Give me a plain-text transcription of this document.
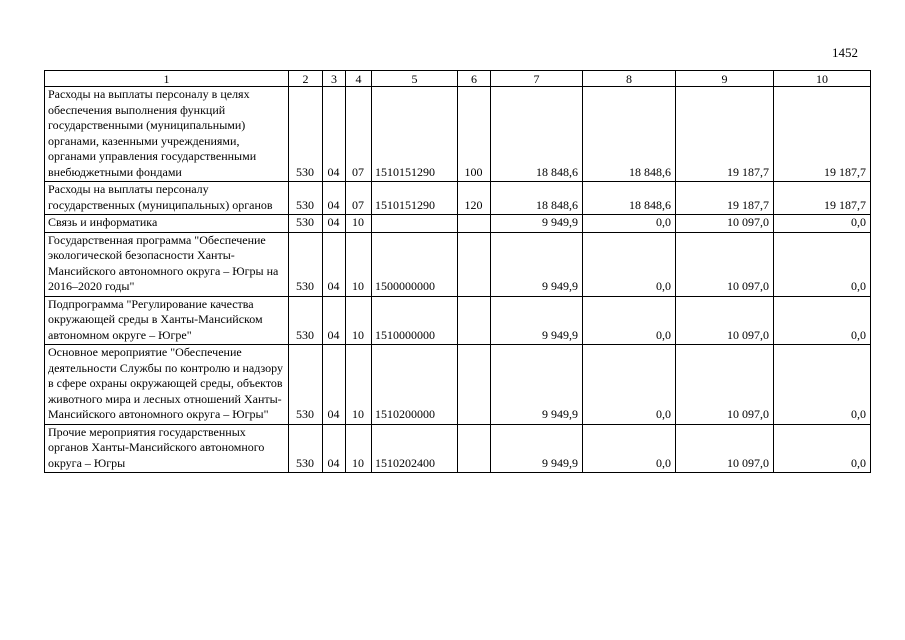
1452
1	2	3	4	5	6	7	8	9	10
Расходы на выплаты персоналу в целях обеспечения выполнения функций государственными (муниципальными) органами, казенными учреждениями, органами управления государственными внебюджетными фондами	530	04	07	1510151290	100	18 848,6	18 848,6	19 187,7	19 187,7
Расходы на выплаты персоналу государственных (муниципальных) органов	530	04	07	1510151290	120	18 848,6	18 848,6	19 187,7	19 187,7
Связь и информатика	530	04	10			9 949,9	0,0	10 097,0	0,0
Государственная программа "Обеспечение экологической безопасности Ханты-Мансийского автономного округа – Югры на 2016–2020 годы"	530	04	10	1500000000		9 949,9	0,0	10 097,0	0,0
Подпрограмма "Регулирование качества окружающей среды в Ханты-Мансийском автономном округе – Югре"	530	04	10	1510000000		9 949,9	0,0	10 097,0	0,0
Основное мероприятие "Обеспечение деятельности Службы по контролю и надзору в сфере охраны окружающей среды, объектов животного мира и лесных отношений Ханты-Мансийского автономного округа – Югры"	530	04	10	1510200000		9 949,9	0,0	10 097,0	0,0
Прочие мероприятия государственных органов Ханты-Мансийского автономного округа – Югры	530	04	10	1510202400		9 949,9	0,0	10 097,0	0,0
